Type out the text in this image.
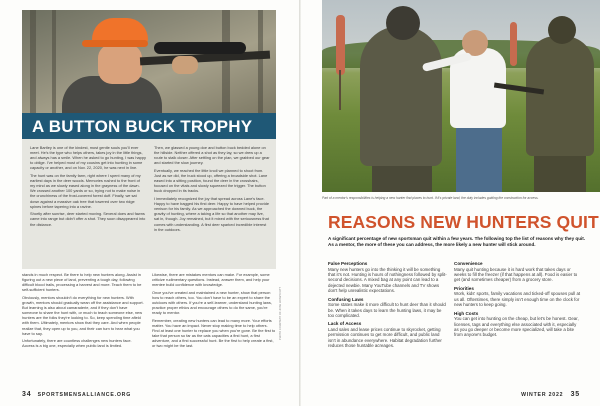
A BUTTON BUCK TROPHY

Lane Bartley is one of the kindest, most gentle souls you'll ever meet. He's the type who helps others, takes joy in the little things, and always has a smile. When he asked to go hunting, I was happy to oblige. I've helped most of my cousins get into hunting in some capacity or another, and on Nov. 22, 2020, he was next in line.

The hunt was on the family farm, right where I spent many of my earliest days in the deer woods. Memories rushed to the front of my mind as we slowly eased along in the grayness of the dawn. We crossed another 100 yards or so, trying not to make noise in the crunchiness of the frost-covered forest duff. Finally, we sat down against a massive oak tree that towered over two ridge spines before tapering into a ravine.

Shortly after sunrise, deer started moving. Several does and fawns came into range but didn't offer a shot. They soon disappeared into the distance.

Then, we glassed a young doe and button buck bedded alone on the hillside. Neither offered a shot as they lay, so we drew up a route to stalk closer. After settling on the plan, we grabbed our gear and started the slow journey.

Eventually, we reached the little knoll we planned to shoot from. Just as we did, the buck stood up, offering a broadside shot. Lane eased into a sitting position, found the deer in the crosshairs, focused on the vitals and slowly squeezed the trigger. The button buck dropped in its tracks.

I immediately recognized the joy that spread across Lane's face. Happy to have bagged his first deer. Happy to have helped provide venison for his family. As we approached the downed buck, the gravity of hunting, where a taking a life so that another may live, sat in, though. Joy remained, but it mixed with the seriousness that comes with understanding. A first deer sparked incredible interest in the outdoors.

stands in much respect. Be there to help new hunters along. Assist in figuring out a new piece of land, preventing a tough day, following difficult blood trails, processing a harvest and more. Teach them to be self-sufficient hunters.

Obviously, mentors shouldn't do everything for new hunters. With growth, mentors should gradually wean off the assistance and support. But learning is also about camaraderie, and if they don't have someone to share the hunt with, or much to teach someone else, new hunters are the folks they're looking to. So, keep spending time afield with them. Ultimately, mentors show that they care. And when people realize that, they open up to you, and their can turn to hear what you have to say.

Unfortunately, there are countless challenges new hunters face. Access is a big one, especially when public land is limited.

Likewise, there are mistakes mentors can make. For example, some criticize rudimentary questions. Instead, answer them, and help your mentee build confidence with knowledge.

Once you've created and maintained a new hunter, show that person how to reach others, too. You don't have to be an expert to share the outdoors with others. If you're a self-learner, understand hunting laws, practice proper ethics and encourage others to do the same, you're ready to mentor.

Remember, creating new hunters can lead to many more. Your efforts matter. You have an impact. Never stop making time to help others. Find at least one hunter to replace you when you're gone. Be the first to take that person so far as the cats capacities a first hunt, a first adventure, and a first successful hunt. Be the first to help create a first, or two might be the last.

PHOTO COURTESY OF JOSH HONEYCUTT
34 SPORTSMENSALLIANCE.ORG
Part of a mentor's responsibilities is helping a new hunter find places to hunt. If it's private land, the duty includes guiding the construction for access.
REASONS NEW HUNTERS QUIT
A significant percentage of new sportsman quit within a few years. The following top the list of reasons why they quit. As a mentor, the more of these you can address, the more likely a new hunter will stick around.
False Perceptions

Many new hunters go into the thinking it will be something that it's not. Hunting is hours of nothingness followed by split-second decisions. A mixed bag at any point can lead to a dejected newbie. Many YouTube channels and TV shows don't help unrealistic expectations.

Confusing Laws

Some states make it more difficult to hunt deer than it should be. When it takes days to learn the hunting laws, it may be too complicated.

Lack of Access

Land sales and lease prices continue to skyrocket, getting permission continues to get more difficult, and public land isn't in abundance everywhere. Habitat degradation further reduces those huntable acreages.

Convenience

Many quit hunting because it is hard work that takes days or weeks to fill the freezer (if that happens at all). Food is easier to get (and sometimes cheaper) from a grocery store.

Priorities

Work, kids' sports, family vacations and ticked-off spouses pull at us all. Oftentimes, there simply isn't enough time on the clock for new hunters to keep going.

High Costs

You can get into hunting on the cheap, but let's be honest. Gear, licenses, tags and everything else associated with it, especially as you go deeper or become more specialized, will take a bite from anyone's budget.

WINTER 2022 35
